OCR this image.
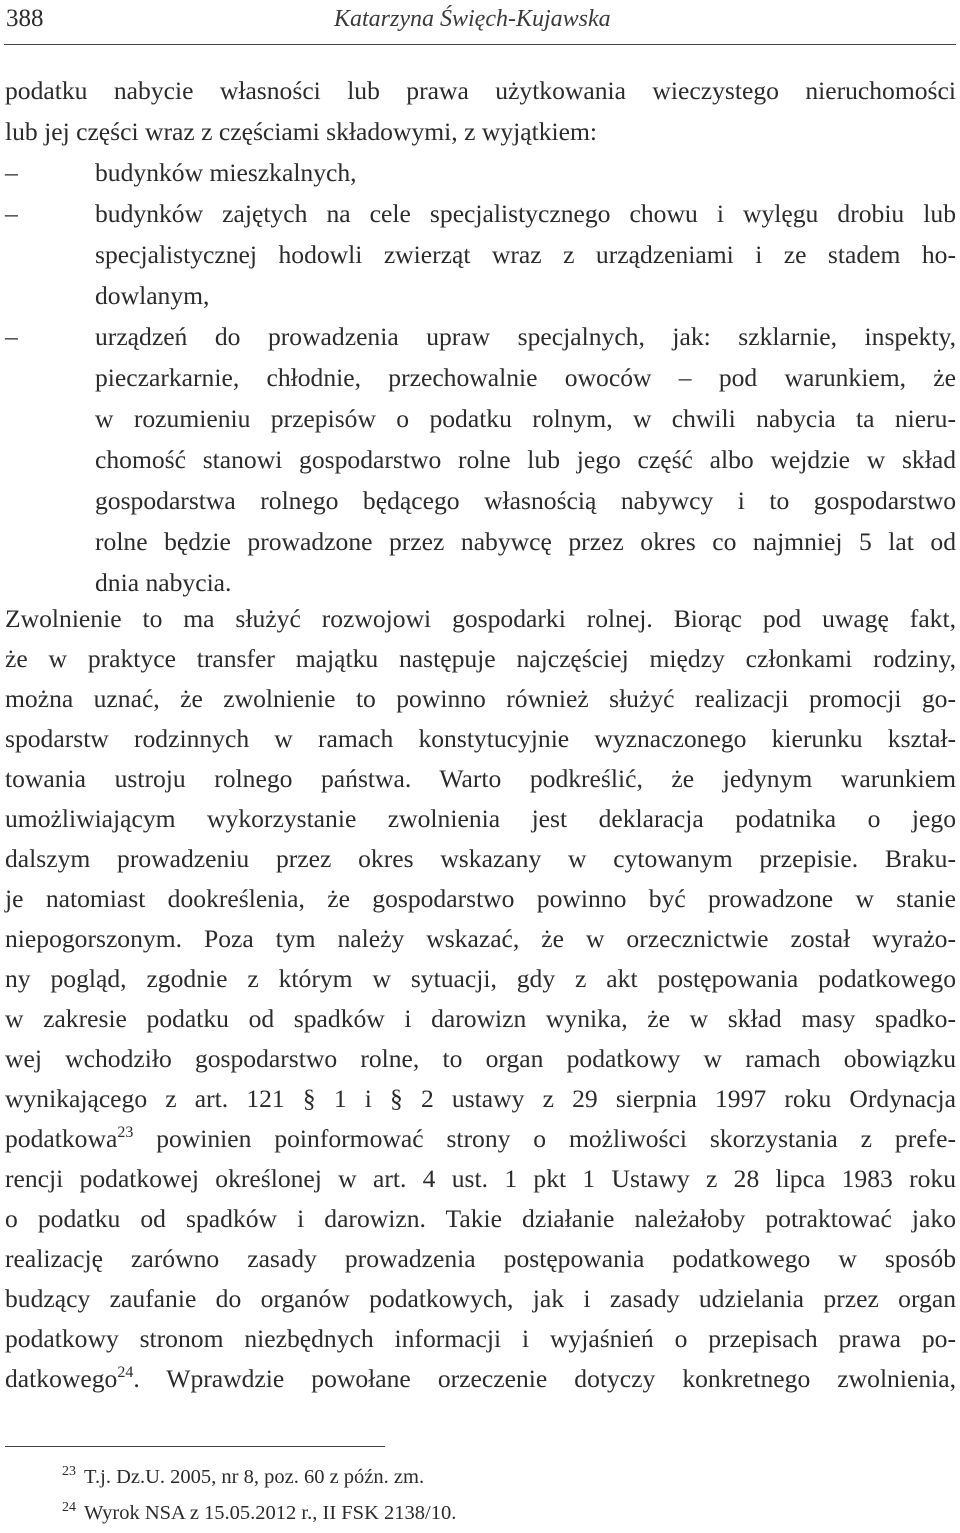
388	Katarzyna Święch-Kujawska
podatku nabycie własności lub prawa użytkowania wieczystego nieruchomości
lub jej części wraz z częściami składowymi, z wyjątkiem:
–	budynków mieszkalnych,
–	budynków zajętych na cele specjalistycznego chowu i wylęgu drobiu lub
specjalistycznej hodowli zwierząt wraz z urządzeniami i ze stadem ho-
dowlanym,
–	urządzeń do prowadzenia upraw specjalnych, jak: szklarnie, inspekty,
pieczarkarnie, chłodnie, przechowalnie owoców – pod warunkiem, że
w rozumieniu przepisów o podatku rolnym, w chwili nabycia ta nieru-
chomość stanowi gospodarstwo rolne lub jego część albo wejdzie w skład
gospodarstwa rolnego będącego własnością nabywcy i to gospodarstwo
rolne będzie prowadzone przez nabywcę przez okres co najmniej 5 lat od
dnia nabycia.
Zwolnienie to ma służyć rozwojowi gospodarki rolnej. Biorąc pod uwagę fakt,
że w praktyce transfer majątku następuje najczęściej między członkami rodziny,
można uznać, że zwolnienie to powinno również służyć realizacji promocji go-
spodarstw rodzinnych w ramach konstytucyjnie wyznaczonego kierunku kształ-
towania ustroju rolnego państwa. Warto podkreślić, że jedynym warunkiem
umożliwiającym wykorzystanie zwolnienia jest deklaracja podatnika o jego
dalszym prowadzeniu przez okres wskazany w cytowanym przepisie. Braku-
je natomiast dookreślenia, że gospodarstwo powinno być prowadzone w stanie
niepogorszonym. Poza tym należy wskazać, że w orzecznictwie został wyrażo-
ny pogląd, zgodnie z którym w sytuacji, gdy z akt postępowania podatkowego
w zakresie podatku od spadków i darowizn wynika, że w skład masy spadko-
wej wchodziło gospodarstwo rolne, to organ podatkowy w ramach obowiązku
wynikającego z art. 121 § 1 i § 2 ustawy z 29 sierpnia 1997 roku Ordynacja
podatkowa$^{23}$ powinien poinformować strony o możliwości skorzystania z prefe-
rencji podatkowej określonej w art. 4 ust. 1 pkt 1 Ustawy z 28 lipca 1983 roku
o podatku od spadków i darowizn. Takie działanie należałoby potraktować jako
realizację zarówno zasady prowadzenia postępowania podatkowego w sposób
budzący zaufanie do organów podatkowych, jak i zasady udzielania przez organ
podatkowy stronom niezbędnych informacji i wyjaśnień o przepisach prawa po-
datkowego$^{24}$. Wprawdzie powołane orzeczenie dotyczy konkretnego zwolnienia,
$^{23}$ T.j. Dz.U. 2005, nr 8, poz. 60 z późn. zm.
$^{24}$ Wyrok NSA z 15.05.2012 r., II FSK 2138/10.
